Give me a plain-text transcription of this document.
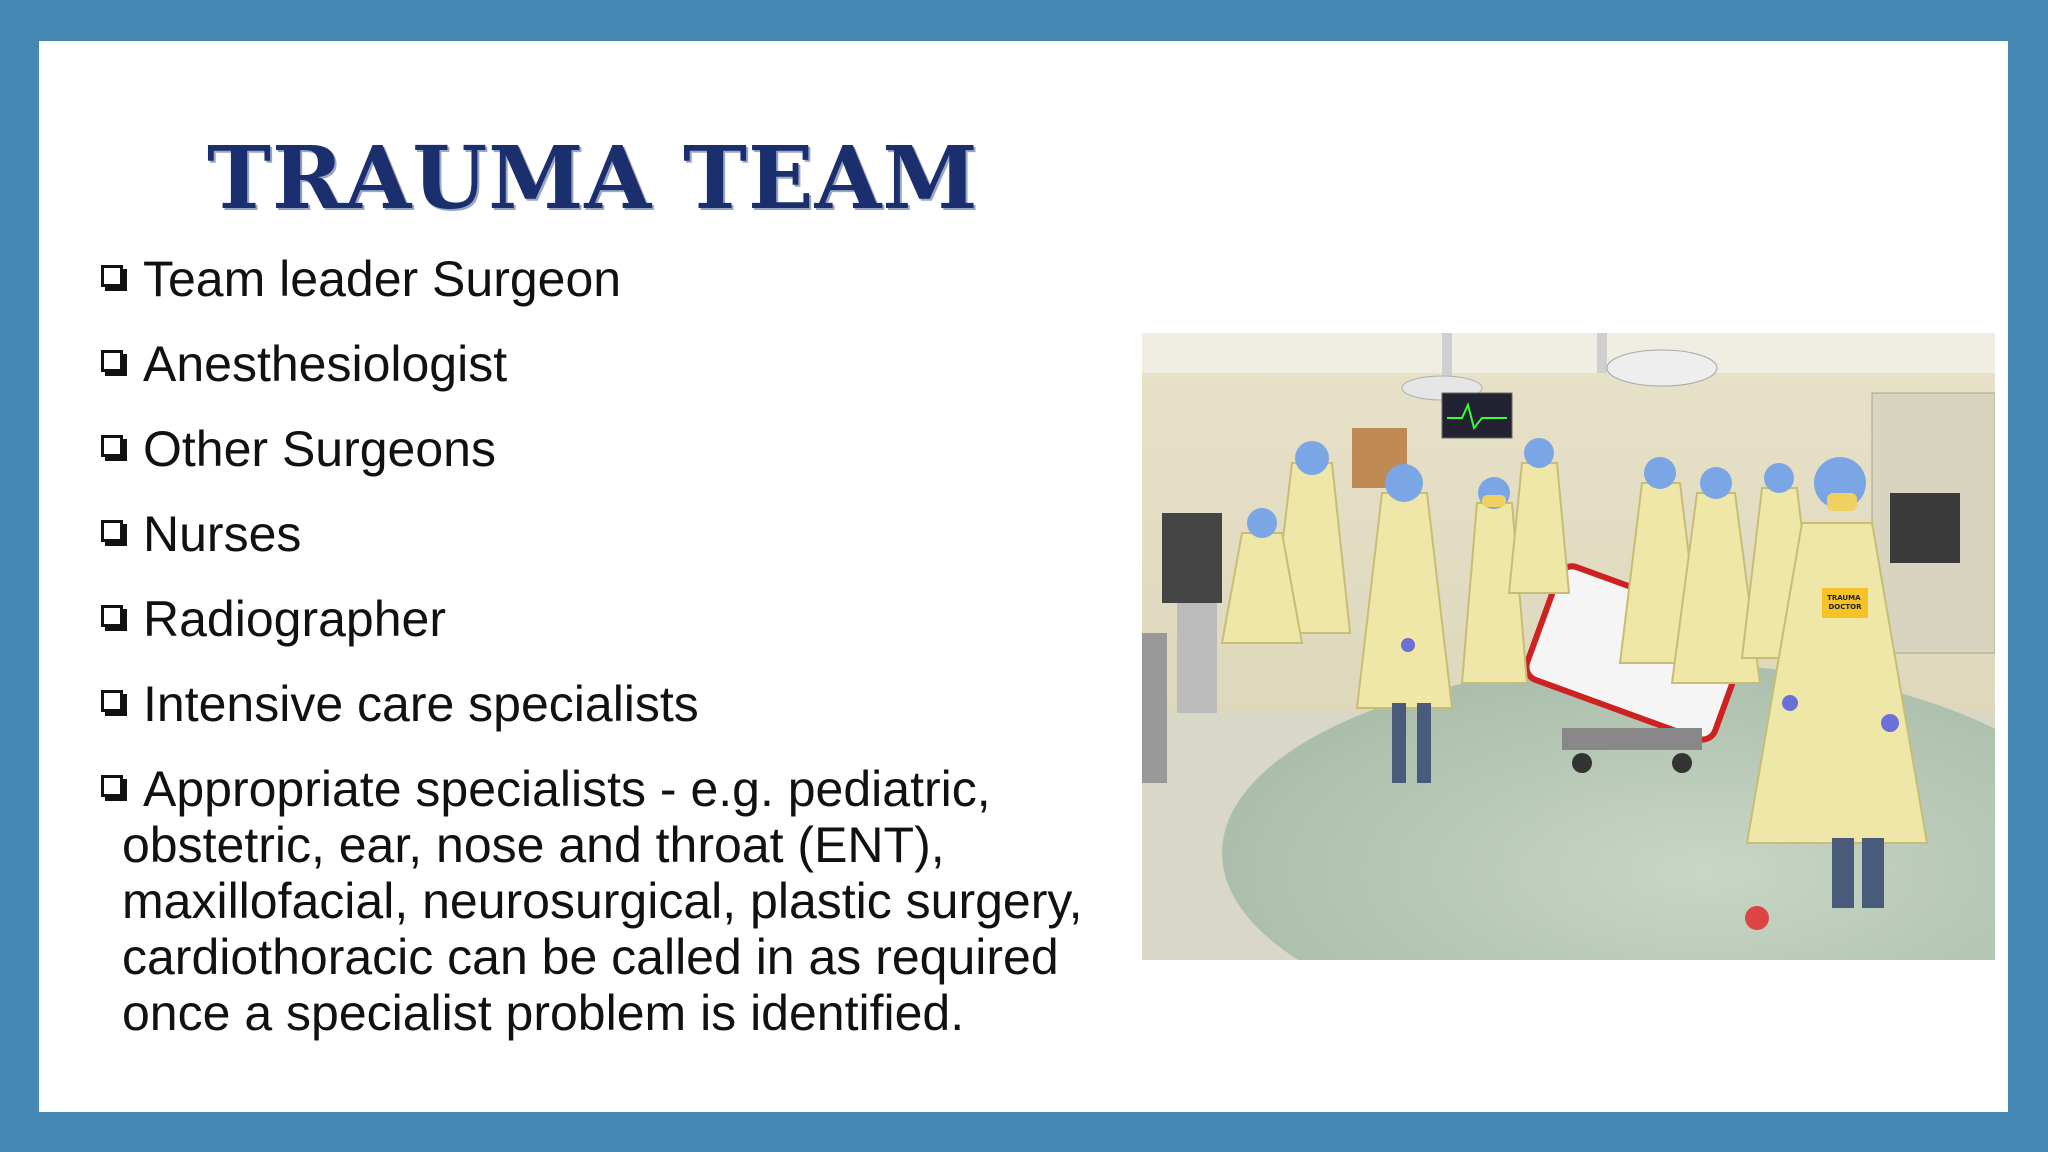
TRAUMA TEAM
Team leader Surgeon
Anesthesiologist
Other Surgeons
Nurses
Radiographer
Intensive care specialists
Appropriate specialists - e.g. pediatric,
obstetric, ear, nose and throat (ENT),
maxillofacial, neurosurgical, plastic surgery,
cardiothoracic can be called in as required
once a specialist problem is identified.
TRAUMA DOCTOR
